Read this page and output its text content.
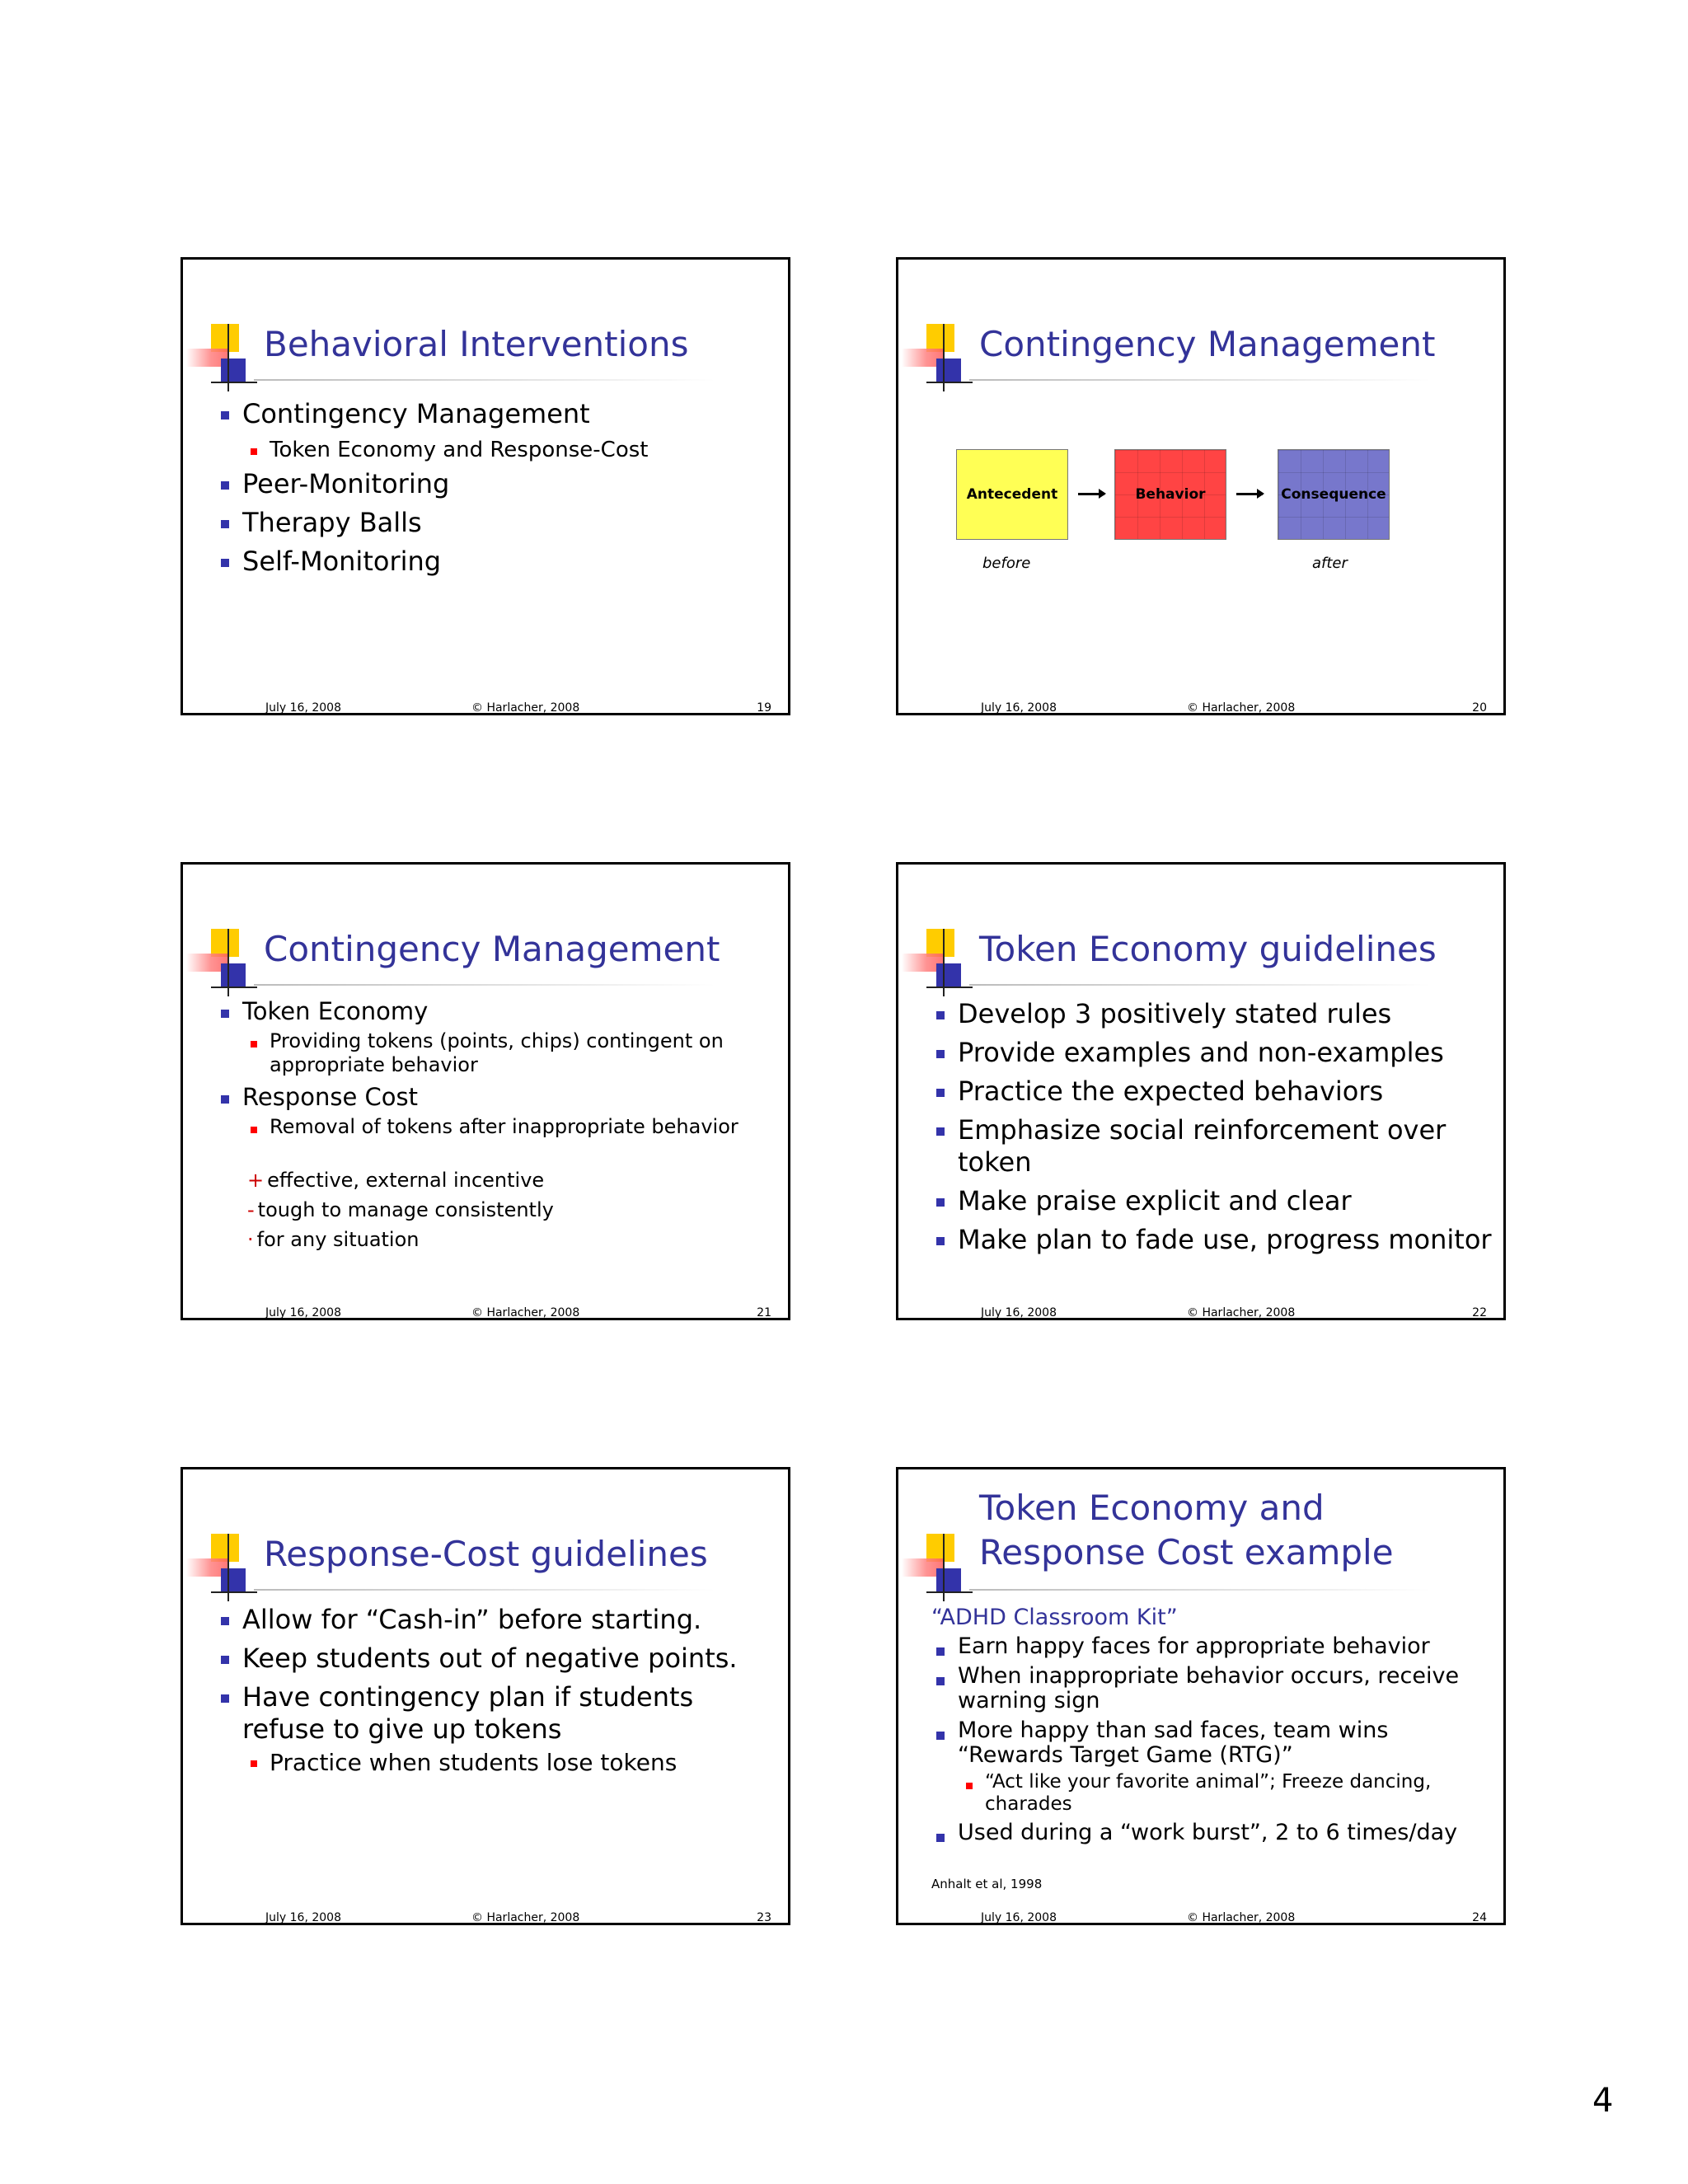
Behavioral Interventions
Contingency Management
Token Economy and Response-Cost
Peer-Monitoring
Therapy Balls
Self-Monitoring
July 16, 2008	© Harlacher, 2008	19
Contingency Management
Antecedent	Behavior	Consequence
before	after
July 16, 2008	© Harlacher, 2008	20
Contingency Management
Token Economy
Providing tokens (points, chips) contingent on appropriate behavior
Response Cost
Removal of tokens after inappropriate behavior
+ effective, external incentive
- tough to manage consistently
· for any situation
July 16, 2008	© Harlacher, 2008	21
Token Economy guidelines
Develop 3 positively stated rules
Provide examples and non-examples
Practice the expected behaviors
Emphasize social reinforcement over token
Make praise explicit and clear
Make plan to fade use, progress monitor
July 16, 2008	© Harlacher, 2008	22
Response-Cost guidelines
Allow for “Cash-in” before starting.
Keep students out of negative points.
Have contingency plan if students refuse to give up tokens
Practice when students lose tokens
July 16, 2008	© Harlacher, 2008	23
Token Economy and Response Cost example
“ADHD Classroom Kit”
Earn happy faces for appropriate behavior
When inappropriate behavior occurs, receive warning sign
More happy than sad faces, team wins “Rewards Target Game (RTG)”
“Act like your favorite animal”; Freeze dancing, charades
Used during a “work burst”, 2 to 6 times/day
Anhalt et al, 1998
July 16, 2008	© Harlacher, 2008	24
4
